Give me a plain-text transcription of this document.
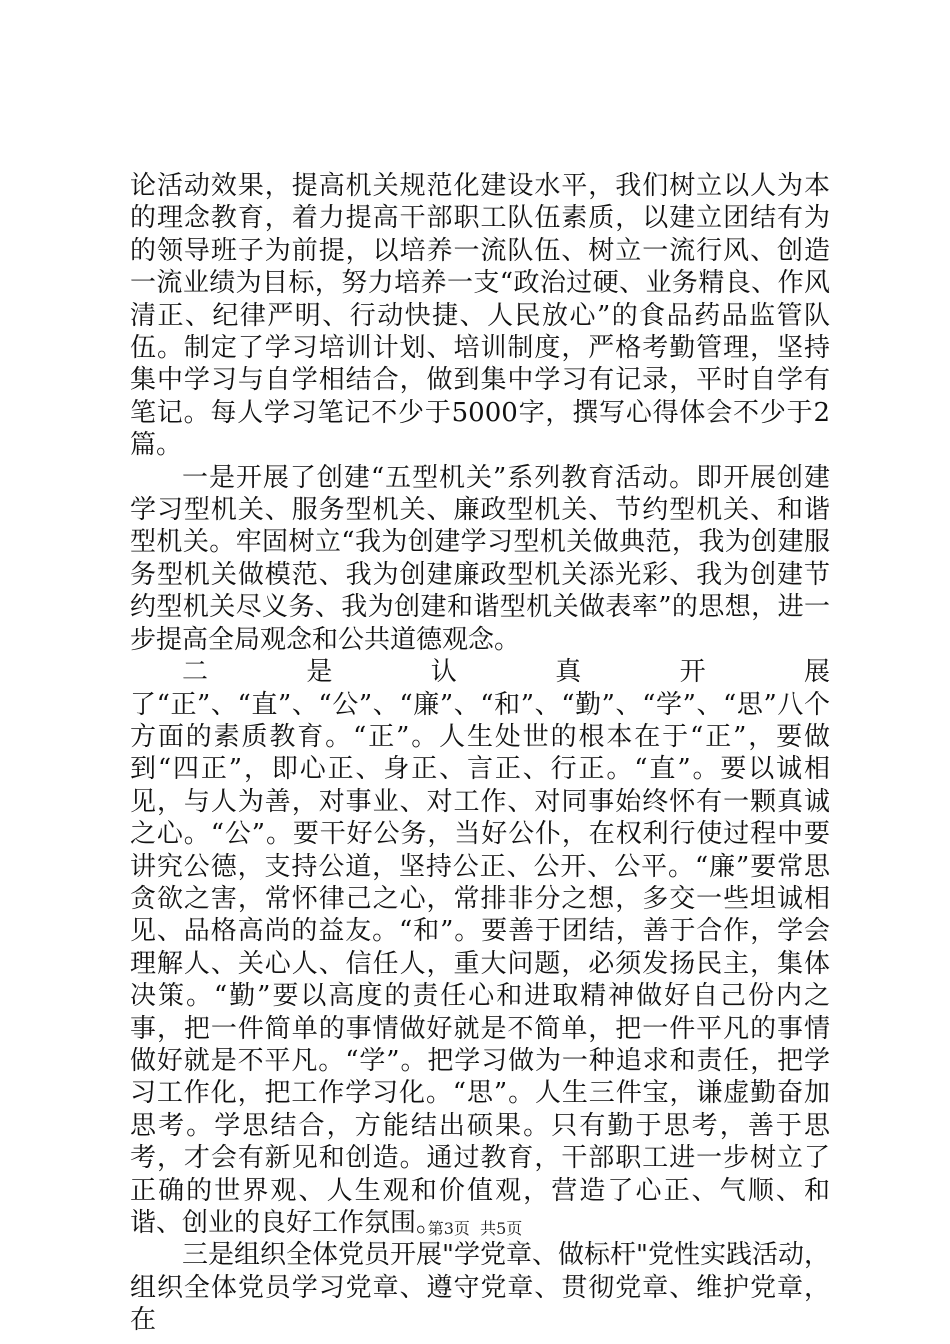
论活动效果，提高机关规范化建设水平，我们树立以人为本的理念教育，着力提高干部职工队伍素质，以建立团结有为的领导班子为前提，以培养一流队伍、树立一流行风、创造一流业绩为目标，努力培养一支“政治过硬、业务精良、作风清正、纪律严明、行动快捷、人民放心”的食品药品监管队伍。制定了学习培训计划、培训制度，严格考勤管理，坚持集中学习与自学相结合，做到集中学习有记录，平时自学有笔记。每人学习笔记不少于5000字，撰写心得体会不少于2篇。

一是开展了创建“五型机关”系列教育活动。即开展创建学习型机关、服务型机关、廉政型机关、节约型机关、和谐型机关。牢固树立“我为创建学习型机关做典范，我为创建服务型机关做模范、我为创建廉政型机关添光彩、我为创建节约型机关尽义务、我为创建和谐型机关做表率”的思想，进一步提高全局观念和公共道德观念。

二是认真开展了“正”、“直”、“公”、“廉”、“和”、“勤”、“学”、“思”八个方面的素质教育。“正”。人生处世的根本在于“正”，要做到“四正”，即心正、身正、言正、行正。“直”。要以诚相见，与人为善，对事业、对工作、对同事始终怀有一颗真诚之心。“公”。要干好公务，当好公仆，在权利行使过程中要讲究公德，支持公道，坚持公正、公开、公平。“廉”要常思贪欲之害，常怀律己之心，常排非分之想，多交一些坦诚相见、品格高尚的益友。“和”。要善于团结，善于合作，学会理解人、关心人、信任人，重大问题，必须发扬民主，集体决策。“勤”要以高度的责任心和进取精神做好自己份内之事，把一件简单的事情做好就是不简单，把一件平凡的事情做好就是不平凡。“学”。把学习做为一种追求和责任，把学习工作化，把工作学习化。“思”。人生三件宝，谦虚勤奋加思考。学思结合，方能结出硕果。只有勤于思考，善于思考，才会有新见和创造。通过教育，干部职工进一步树立了正确的世界观、人生观和价值观，营造了心正、气顺、和谐、创业的良好工作氛围。

三是组织全体党员开展"学党章、做标杆"党性实践活动，组织全体党员学习党章、遵守党章、贯彻党章、维护党章，在

第3页  共5页
